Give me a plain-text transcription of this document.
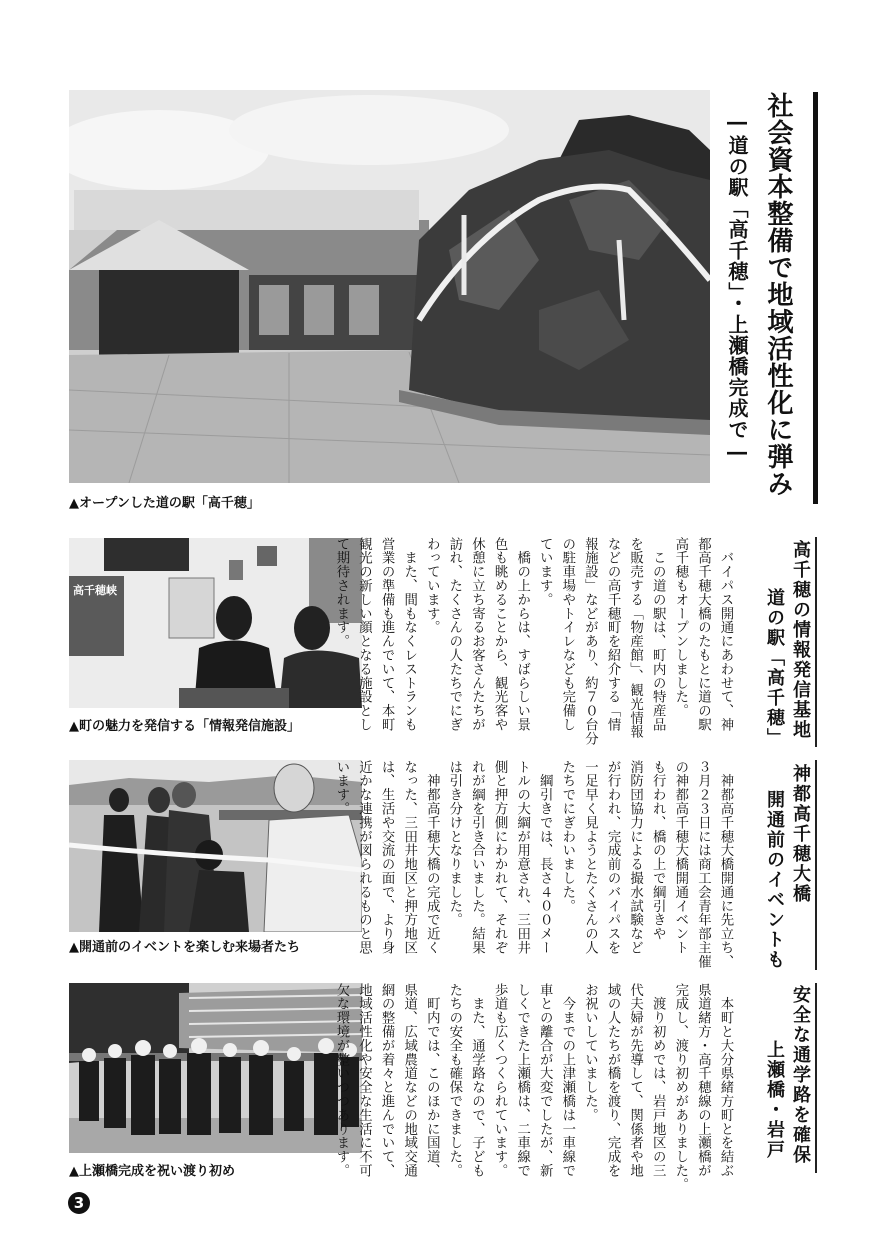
社会資本整備で地域活性化に弾み
―道の駅「高千穂」・上瀬橋完成で―
▲オープンした道の駅「高千穂」
高千穂峡
▲町の魅力を発信する「情報発信施設」
▲開通前のイベントを楽しむ来場者たち
▲上瀬橋完成を祝い渡り初め
高千穂の情報発信基地
道の駅「高千穂」
　バイパス開通にあわせて、神
都高千穂大橋のたもとに道の駅
高千穂もオープンしました。
　この道の駅は、町内の特産品
を販売する「物産館」、観光情報
などの高千穂町を紹介する「情
報施設」などがあり、約７０台分
の駐車場やトイレなども完備し
ています。
　橋の上からは、すばらしい景
色も眺めることから、観光客や
休憩に立ち寄るお客さんたちが
訪れ、たくさんの人たちでにぎ
わっています。
　また、間もなくレストランも
営業の準備も進んでいて、本町
観光の新しい顔となる施設とし
て期待されます。
神都高千穂大橋
開通前のイベントも
　神都高千穂大橋開通に先立ち、
３月２３日には商工会青年部主催
の神都高千穂大橋開通イベント
も行われ、橋の上で綱引きや
消防団協力による撮水試験など
が行われ、完成前のバイパスを
一足早く見ようとたくさんの人
たちでにぎわいました。
　綱引きでは、長さ４００メー
トルの大綱が用意され、三田井
側と押方側にわかれて、それぞ
れが綱を引き合いました。結果
は引き分けとなりました。
　神都高千穂大橋の完成で近く
なった、三田井地区と押方地区
は、生活や交流の面で、より身
近かな連携が図られるものと思
います。
安全な通学路を確保
上瀬橋・岩戸
　本町と大分県緒方町とを結ぶ
県道緒方・高千穂線の上瀬橋が
完成し、渡り初めがありました。
　渡り初めでは、岩戸地区の三
代夫婦が先導して、関係者や地
域の人たちが橋を渡り、完成を
お祝いしていました。
　今までの上津瀬橋は一車線で
車との離合が大変でしたが、新
しくできた上瀬橋は、二車線で
歩道も広くつくられています。
　また、通学路なので、子ども
たちの安全も確保できました。
　町内では、このほかに国道、
県道、広域農道などの地域交通
網の整備が着々と進んでいて、
地域活性化や安全な生活に不可
欠な環境が整いつつあります。
3
